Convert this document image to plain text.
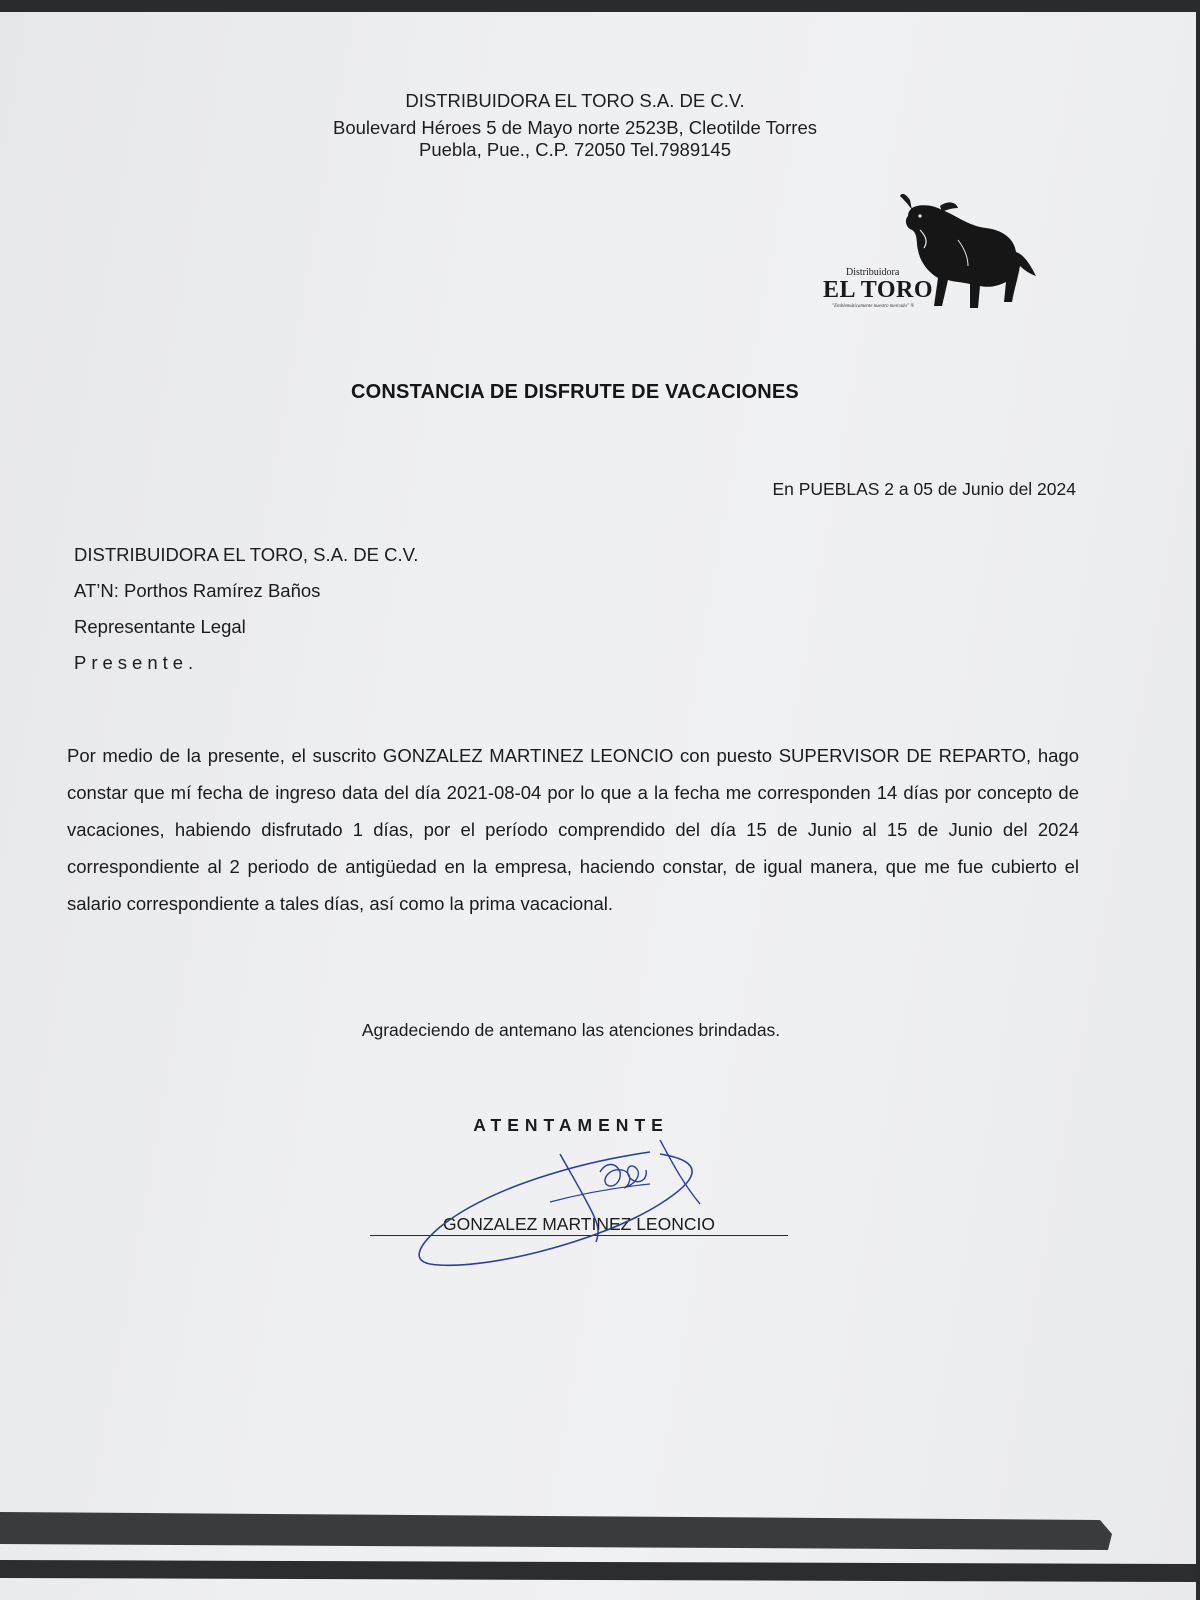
DISTRIBUIDORA EL TORO S.A. DE C.V.
Boulevard Héroes 5 de Mayo norte 2523B, Cleotilde Torres
Puebla, Pue., C.P. 72050 Tel.7989145
Distribuidora
EL TORO
"Emblemáticamente nuestro mercado" ®
CONSTANCIA DE DISFRUTE DE VACACIONES
En PUEBLAS 2 a 05 de Junio del 2024
DISTRIBUIDORA EL TORO, S.A. DE C.V.
AT’N: Porthos Ramírez Baños
Representante Legal
Presente.
Por medio de la presente, el suscrito GONZALEZ MARTINEZ LEONCIO con puesto SUPERVISOR DE REPARTO, hago constar que mí fecha de ingreso data del día 2021-08-04 por lo que a la fecha me corresponden 14 días por concepto de vacaciones, habiendo disfrutado 1 días, por el período comprendido del día 15 de Junio al 15 de Junio del 2024 correspondiente al 2 periodo de antigüedad en la empresa, haciendo constar, de igual manera, que me fue cubierto el salario correspondiente a tales días, así como la prima vacacional.
Agradeciendo de antemano las atenciones brindadas.
ATENTAMENTE
GONZALEZ MARTINEZ LEONCIO
